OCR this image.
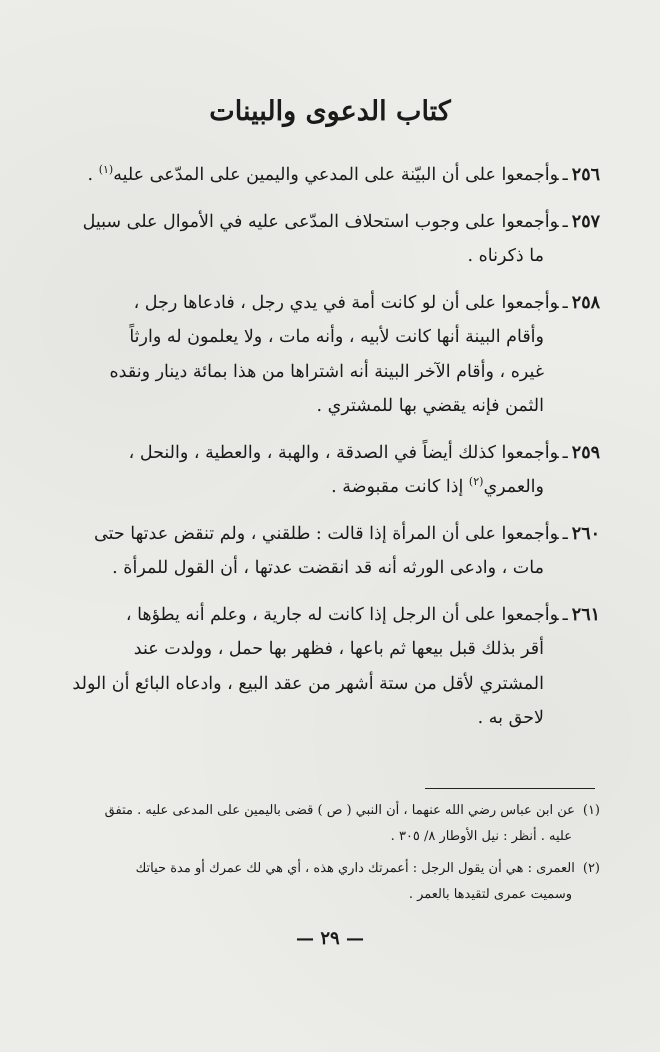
كتاب الدعوى والبينات
٢٥٦ـوأجمعوا على أن البيّنة على المدعي واليمين على المدّعى عليه$^{(١)}$ .
٢٥٧ـوأجمعوا على وجوب استحلاف المدّعى عليه في الأموال على سبيل
ما ذكرناه .
٢٥٨ـوأجمعوا على أن لو كانت أمة في يدي رجل ، فادعاها رجل ،
وأقام البينة أنها كانت لأبيه ، وأنه مات ، ولا يعلمون له وارثاً
غيره ، وأقام الآخر البينة أنه اشتراها من هذا بمائة دينار ونقده
الثمن فإنه يقضي بها للمشتري .
٢٥٩ـوأجمعوا كذلك أيضاً في الصدقة ، والهبة ، والعطية ، والنحل ،
والعمري$^{(٢)}$ إذا كانت مقبوضة .
٢٦٠ـوأجمعوا على أن المرأة إذا قالت : طلقني ، ولم تنقض عدتها حتى
مات ، وادعى الورثه أنه قد انقضت عدتها ، أن القول للمرأة .
٢٦١ـوأجمعوا على أن الرجل إذا كانت له جارية ، وعلم أنه يطؤها ،
أقر بذلك قبل بيعها ثم باعها ، فظهر بها حمل ، وولدت عند
المشتري لأقل من ستة أشهر من عقد البيع ، وادعاه البائع أن الولد
لاحق به .
(١)عن ابن عباس رضي الله عنهما ، أن النبي ( ص ) قضى باليمين على المدعى عليه . متفق
عليه . أنظر : نيل الأوطار ٨/ ٣٠٥ .
(٢)العمرى : هي أن يقول الرجل : أعمرتك داري هذه ، أي هي لك عمرك أو مدة حياتك
وسميت عمرى لتقيدها بالعمر .
— ٢٩ —
